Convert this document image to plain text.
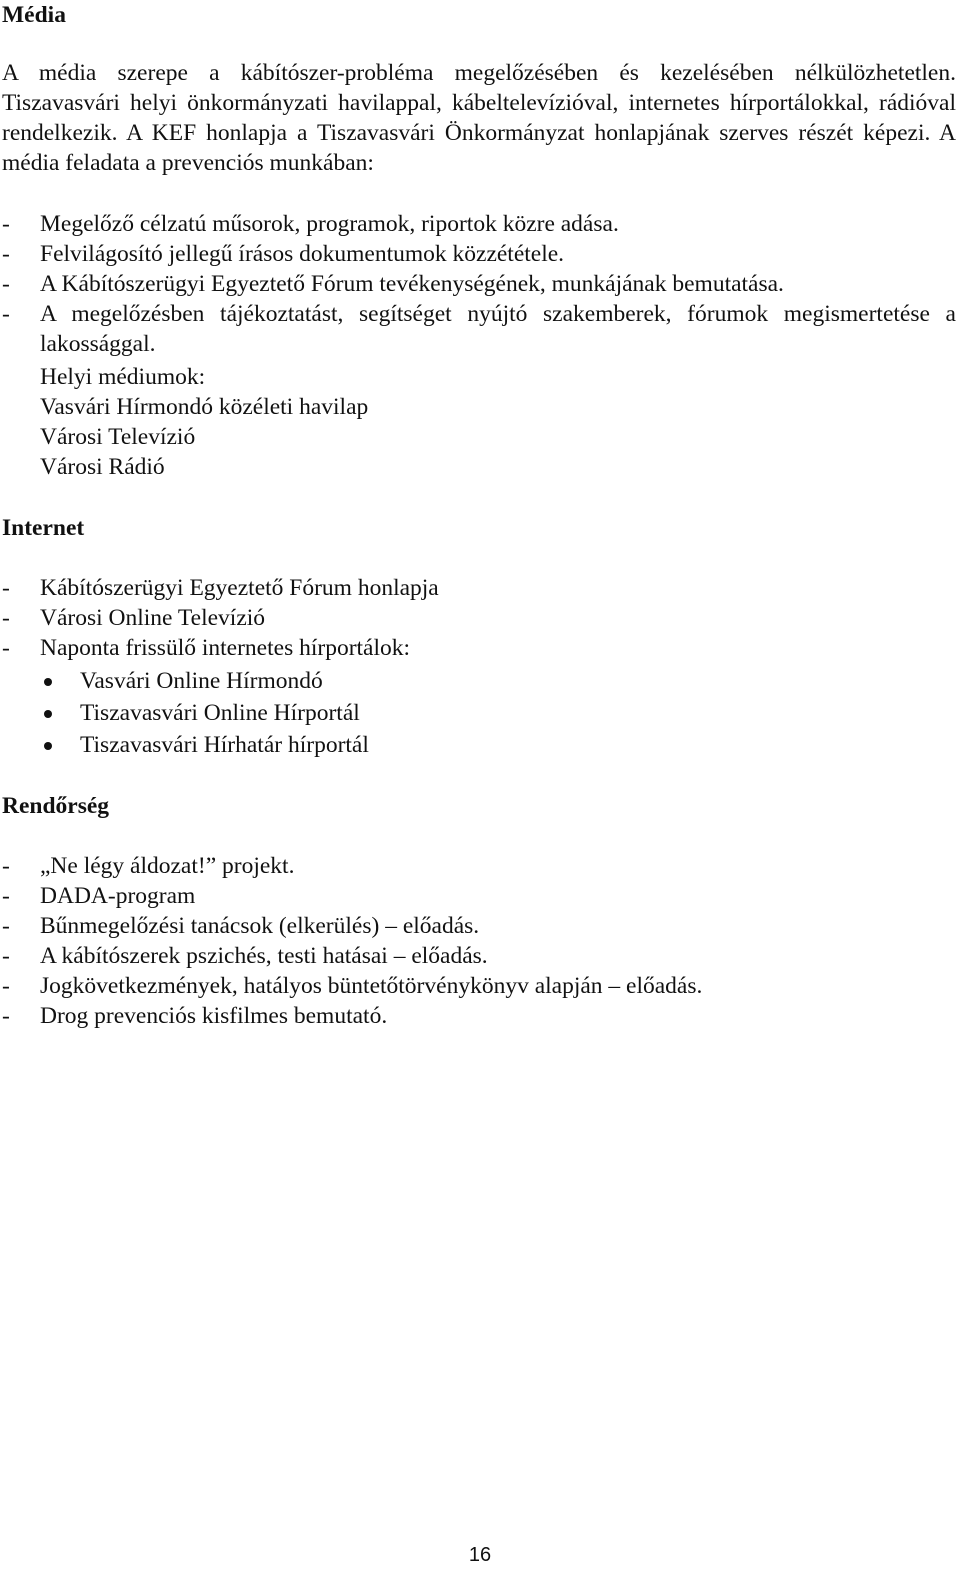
Média

A média szerepe a kábítószer-probléma megelőzésében és kezelésében nélkülözhetetlen. Tiszavasvári helyi önkormányzati havilappal, kábeltelevízióval, internetes hírportálokkal, rádióval rendelkezik. A KEF honlapja a Tiszavasvári Önkormányzat honlapjának szerves részét képezi. A média feladata a prevenciós munkában:

- Megelőző célzatú műsorok, programok, riportok közre adása.
- Felvilágosító jellegű írásos dokumentumok közzététele.
- A Kábítószerügyi Egyeztető Fórum tevékenységének, munkájának bemutatása.
- A megelőzésben tájékoztatást, segítséget nyújtó szakemberek, fórumok megismertetése a lakossággal.
Helyi médiumok:
Vasvári Hírmondó közéleti havilap
Városi Televízió
Városi Rádió
Internet
- Kábítószerügyi Egyeztető Fórum honlapja
- Városi Online Televízió
- Naponta frissülő internetes hírportálok:
Vasvári Online Hírmondó
Tiszavasvári Online Hírportál
Tiszavasvári Hírhatár hírportál
Rendőrség
- „Ne légy áldozat!” projekt.
- DADA-program
- Bűnmegelőzési tanácsok (elkerülés) – előadás.
- A kábítószerek pszichés, testi hatásai – előadás.
- Jogkövetkezmények, hatályos büntetőtörvénykönyv alapján – előadás.
- Drog prevenciós kisfilmes bemutató.
16
